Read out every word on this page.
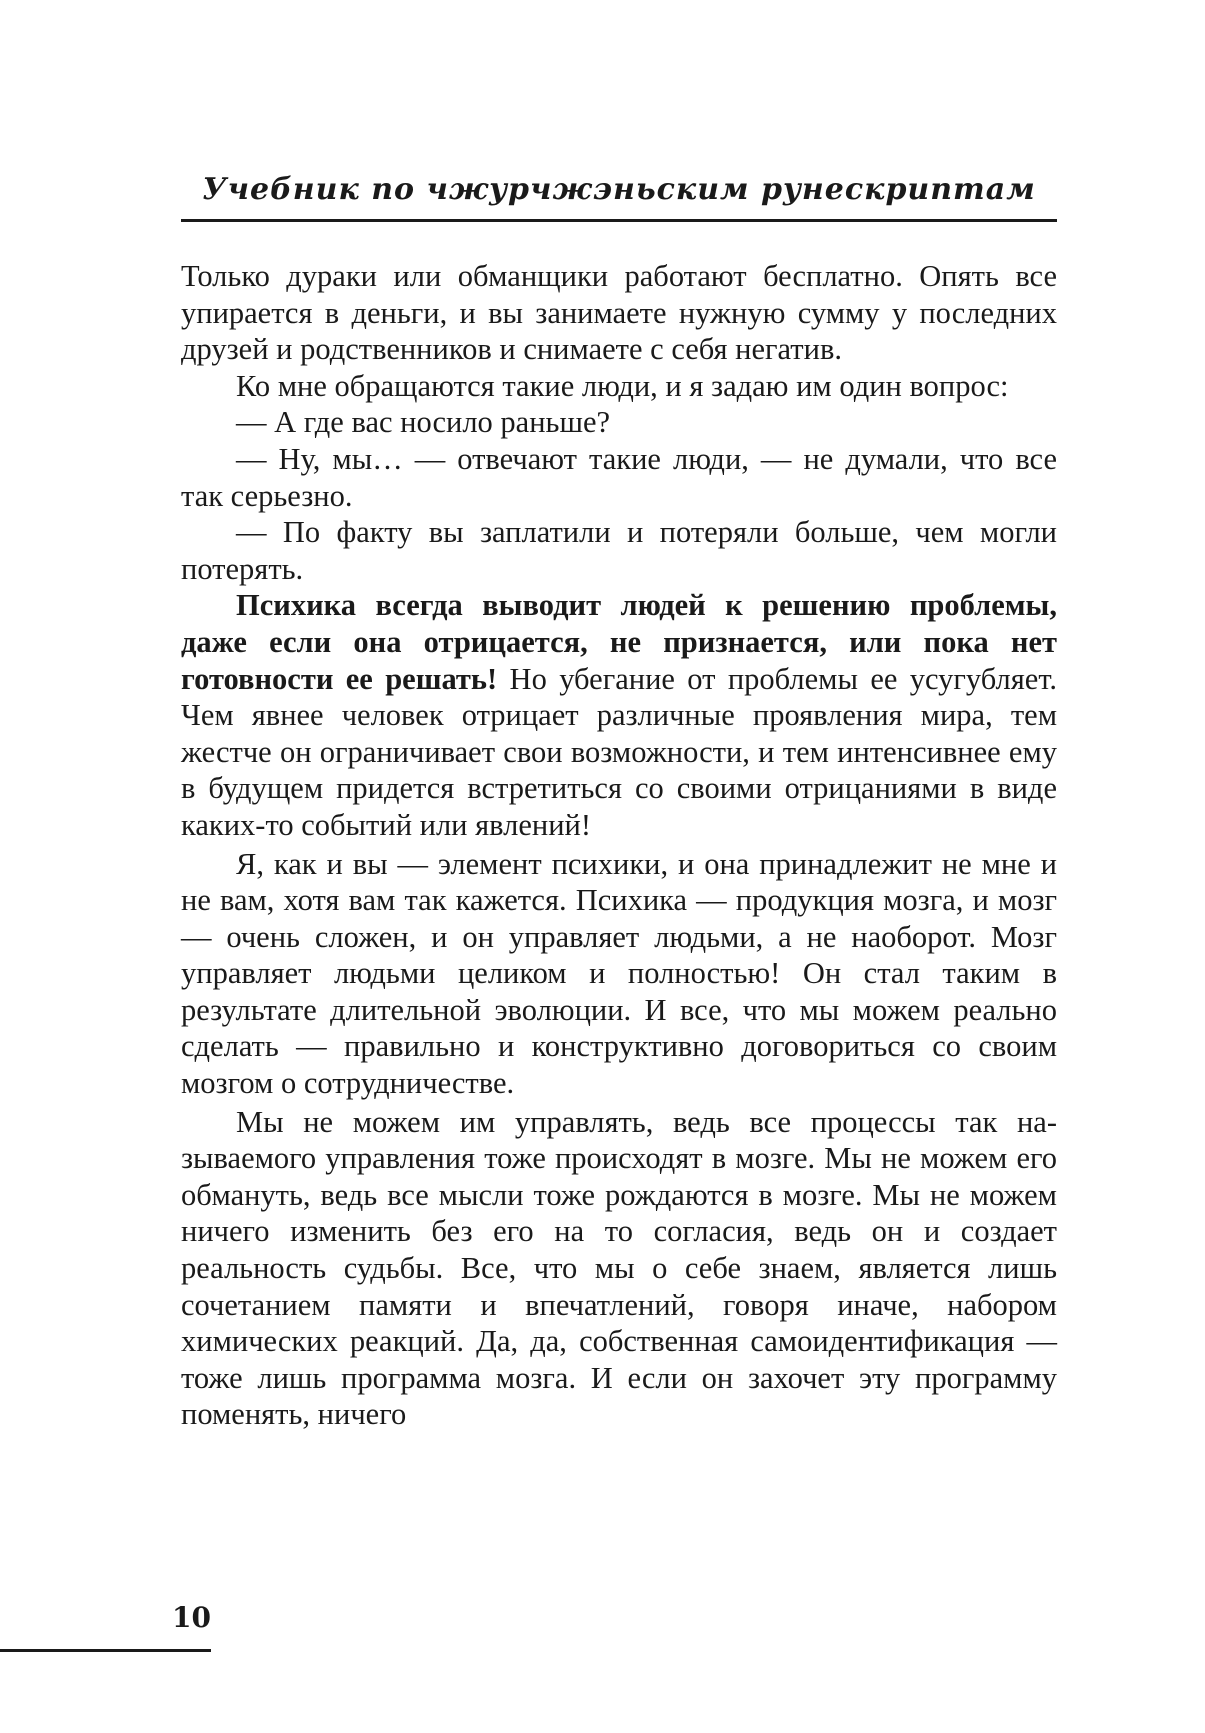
Учебник по чжурчжэньским рунескриптам

Только дураки или обманщики работают бесплатно. Опять все упирается в деньги, и вы занимаете нужную сумму у последних друзей и родственников и снимаете с себя негатив.

Ко мне обращаются такие люди, и я задаю им один вопрос:

— А где вас носило раньше?

— Ну, мы… — отвечают такие люди, — не думали, что все так серьезно.

— По факту вы заплатили и потеряли больше, чем могли потерять.

Психика всегда выводит людей к решению проблемы, даже если она отрицается, не признается, или пока нет готовности ее решать! Но убегание от проблемы ее усугубляет. Чем явнее человек отрицает различные проявления мира, тем жестче он ограничивает свои возможности, и тем интенсивнее ему в будущем придется встретиться со своими отрицаниями в виде каких-то событий или явлений!

Я, как и вы — элемент психики, и она принадлежит не мне и не вам, хотя вам так кажется. Психика — продукция мозга, и мозг — очень сложен, и он управляет людьми, а не наоборот. Мозг управляет людьми целиком и полностью! Он стал таким в результате длительной эволюции. И все, что мы можем реально сделать — правильно и конструктивно договориться со своим мозгом о сотрудничестве.

Мы не можем им управлять, ведь все процессы так называемого управления тоже происходят в мозге. Мы не можем его обмануть, ведь все мысли тоже рождаются в мозге. Мы не можем ничего изменить без его на то согласия, ведь он и создает реальность судьбы. Все, что мы о себе знаем, является лишь сочетанием памяти и впечатлений, говоря иначе, набором химических реакций. Да, да, собственная самоидентификация — тоже лишь программа мозга. И если он захочет эту программу поменять, ничего

10
